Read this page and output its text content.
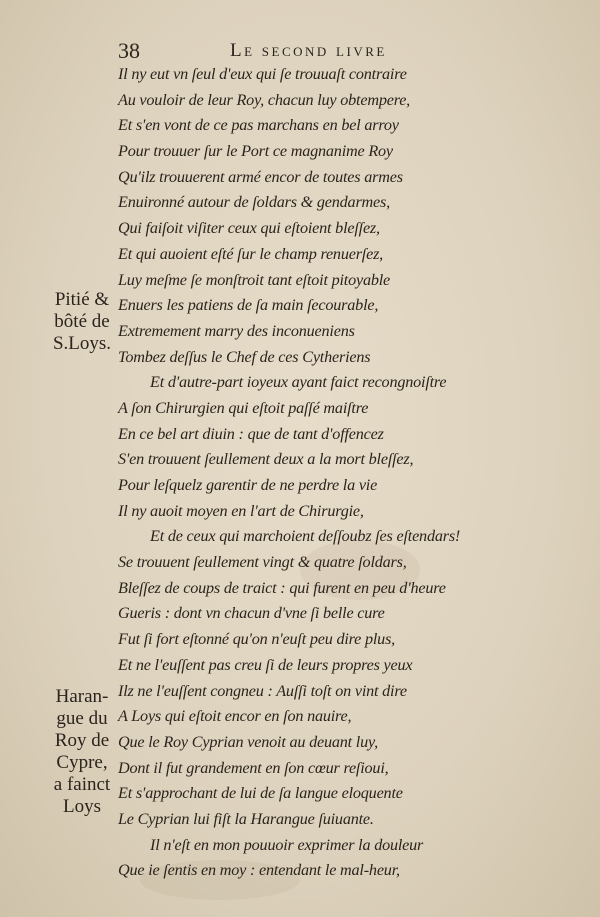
38	Le second livre
Pitié &
bôté de
S.Loys.
Haran-
gue du
Roy de
Cypre,
a fainct
Loys
Il ny eut vn ſeul d'eux qui ſe trouuaſt contraire
Au vouloir de leur Roy, chacun luy obtempere,
Et s'en vont de ce pas marchans en bel arroy
Pour trouuer ſur le Port ce magnanime Roy
Qu'ilz trouuerent armé encor de toutes armes
Enuironné autour de ſoldars & gendarmes,
Qui faiſoit viſiter ceux qui eſtoient bleſſez,
Et qui auoient eſté ſur le champ renuerſez,
Luy meſme ſe monſtroit tant eſtoit pitoyable
Enuers les patiens de ſa main ſecourable,
Extremement marry des inconueniens
Tombez deſſus le Chef de ces Cytheriens
Et d'autre-part ioyeux ayant faict recongnoiſtre
A ſon Chirurgien qui eſtoit paſſé maiſtre
En ce bel art diuin : que de tant d'offencez
S'en trouuent ſeullement deux a la mort bleſſez,
Pour leſquelz garentir de ne perdre la vie
Il ny auoit moyen en l'art de Chirurgie,
Et de ceux qui marchoient deſſoubz ſes eſtendars!
Se trouuent ſeullement vingt & quatre ſoldars,
Bleſſez de coups de traict : qui furent en peu d'heure
Gueris : dont vn chacun d'vne ſi belle cure
Fut ſi fort eſtonné qu'on n'euſt peu dire plus,
Et ne l'euſſent pas creu ſi de leurs propres yeux
Ilz ne l'euſſent congneu : Auſſi toſt on vint dire
A Loys qui eſtoit encor en ſon nauire,
Que le Roy Cyprian venoit au deuant luy,
Dont il fut grandement en ſon cœur reſioui,
Et s'approchant de lui de ſa langue eloquente
Le Cyprian lui fiſt la Harangue ſuiuante.
Il n'eſt en mon pouuoir exprimer la douleur
Que ie ſentis en moy : entendant le mal-heur,
